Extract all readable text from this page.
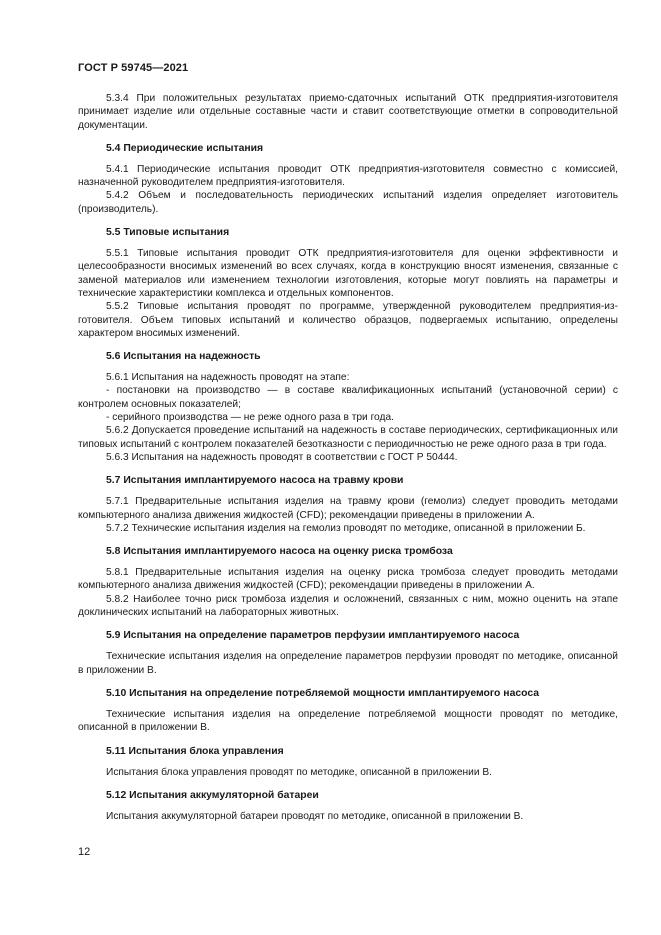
ГОСТ Р 59745—2021
5.3.4 При положительных результатах приемо-сдаточных испытаний ОТК предприятия-изготовителя принимает изделие или отдельные составные части и ставит соответствующие отметки в сопроводительной документации.
5.4 Периодические испытания
5.4.1 Периодические испытания проводит ОТК предприятия-изготовителя совместно с комиссией, назначенной руководителем предприятия-изготовителя.
5.4.2 Объем и последовательность периодических испытаний изделия определяет изготовитель (производитель).
5.5 Типовые испытания
5.5.1 Типовые испытания проводит ОТК предприятия-изготовителя для оценки эффективности и целесообразности вносимых изменений во всех случаях, когда в конструкцию вносят изменения, связанные с заменой материалов или изменением технологии изготовления, которые могут повлиять на параметры и технические характеристики комплекса и отдельных компонентов.
5.5.2 Типовые испытания проводят по программе, утвержденной руководителем предприятия-изготовителя. Объем типовых испытаний и количество образцов, подвергаемых испытанию, определены характером вносимых изменений.
5.6 Испытания на надежность
5.6.1 Испытания на надежность проводят на этапе:
- постановки на производство — в составе квалификационных испытаний (установочной серии) с контролем основных показателей;
- серийного производства — не реже одного раза в три года.
5.6.2 Допускается проведение испытаний на надежность в составе периодических, сертификационных или типовых испытаний с контролем показателей безотказности с периодичностью не реже одного раза в три года.
5.6.3 Испытания на надежность проводят в соответствии с ГОСТ Р 50444.
5.7 Испытания имплантируемого насоса на травму крови
5.7.1 Предварительные испытания изделия на травму крови (гемолиз) следует проводить методами компьютерного анализа движения жидкостей (CFD); рекомендации приведены в приложении А.
5.7.2 Технические испытания изделия на гемолиз проводят по методике, описанной в приложении Б.
5.8 Испытания имплантируемого насоса на оценку риска тромбоза
5.8.1 Предварительные испытания изделия на оценку риска тромбоза следует проводить методами компьютерного анализа движения жидкостей (CFD); рекомендации приведены в приложении А.
5.8.2 Наиболее точно риск тромбоза изделия и осложнений, связанных с ним, можно оценить на этапе доклинических испытаний на лабораторных животных.
5.9 Испытания на определение параметров перфузии имплантируемого насоса
Технические испытания изделия на определение параметров перфузии проводят по методике, описанной в приложении В.
5.10 Испытания на определение потребляемой мощности имплантируемого насоса
Технические испытания изделия на определение потребляемой мощности проводят по методике, описанной в приложении В.
5.11 Испытания блока управления
Испытания блока управления проводят по методике, описанной в приложении В.
5.12 Испытания аккумуляторной батареи
Испытания аккумуляторной батареи проводят по методике, описанной в приложении В.
12
